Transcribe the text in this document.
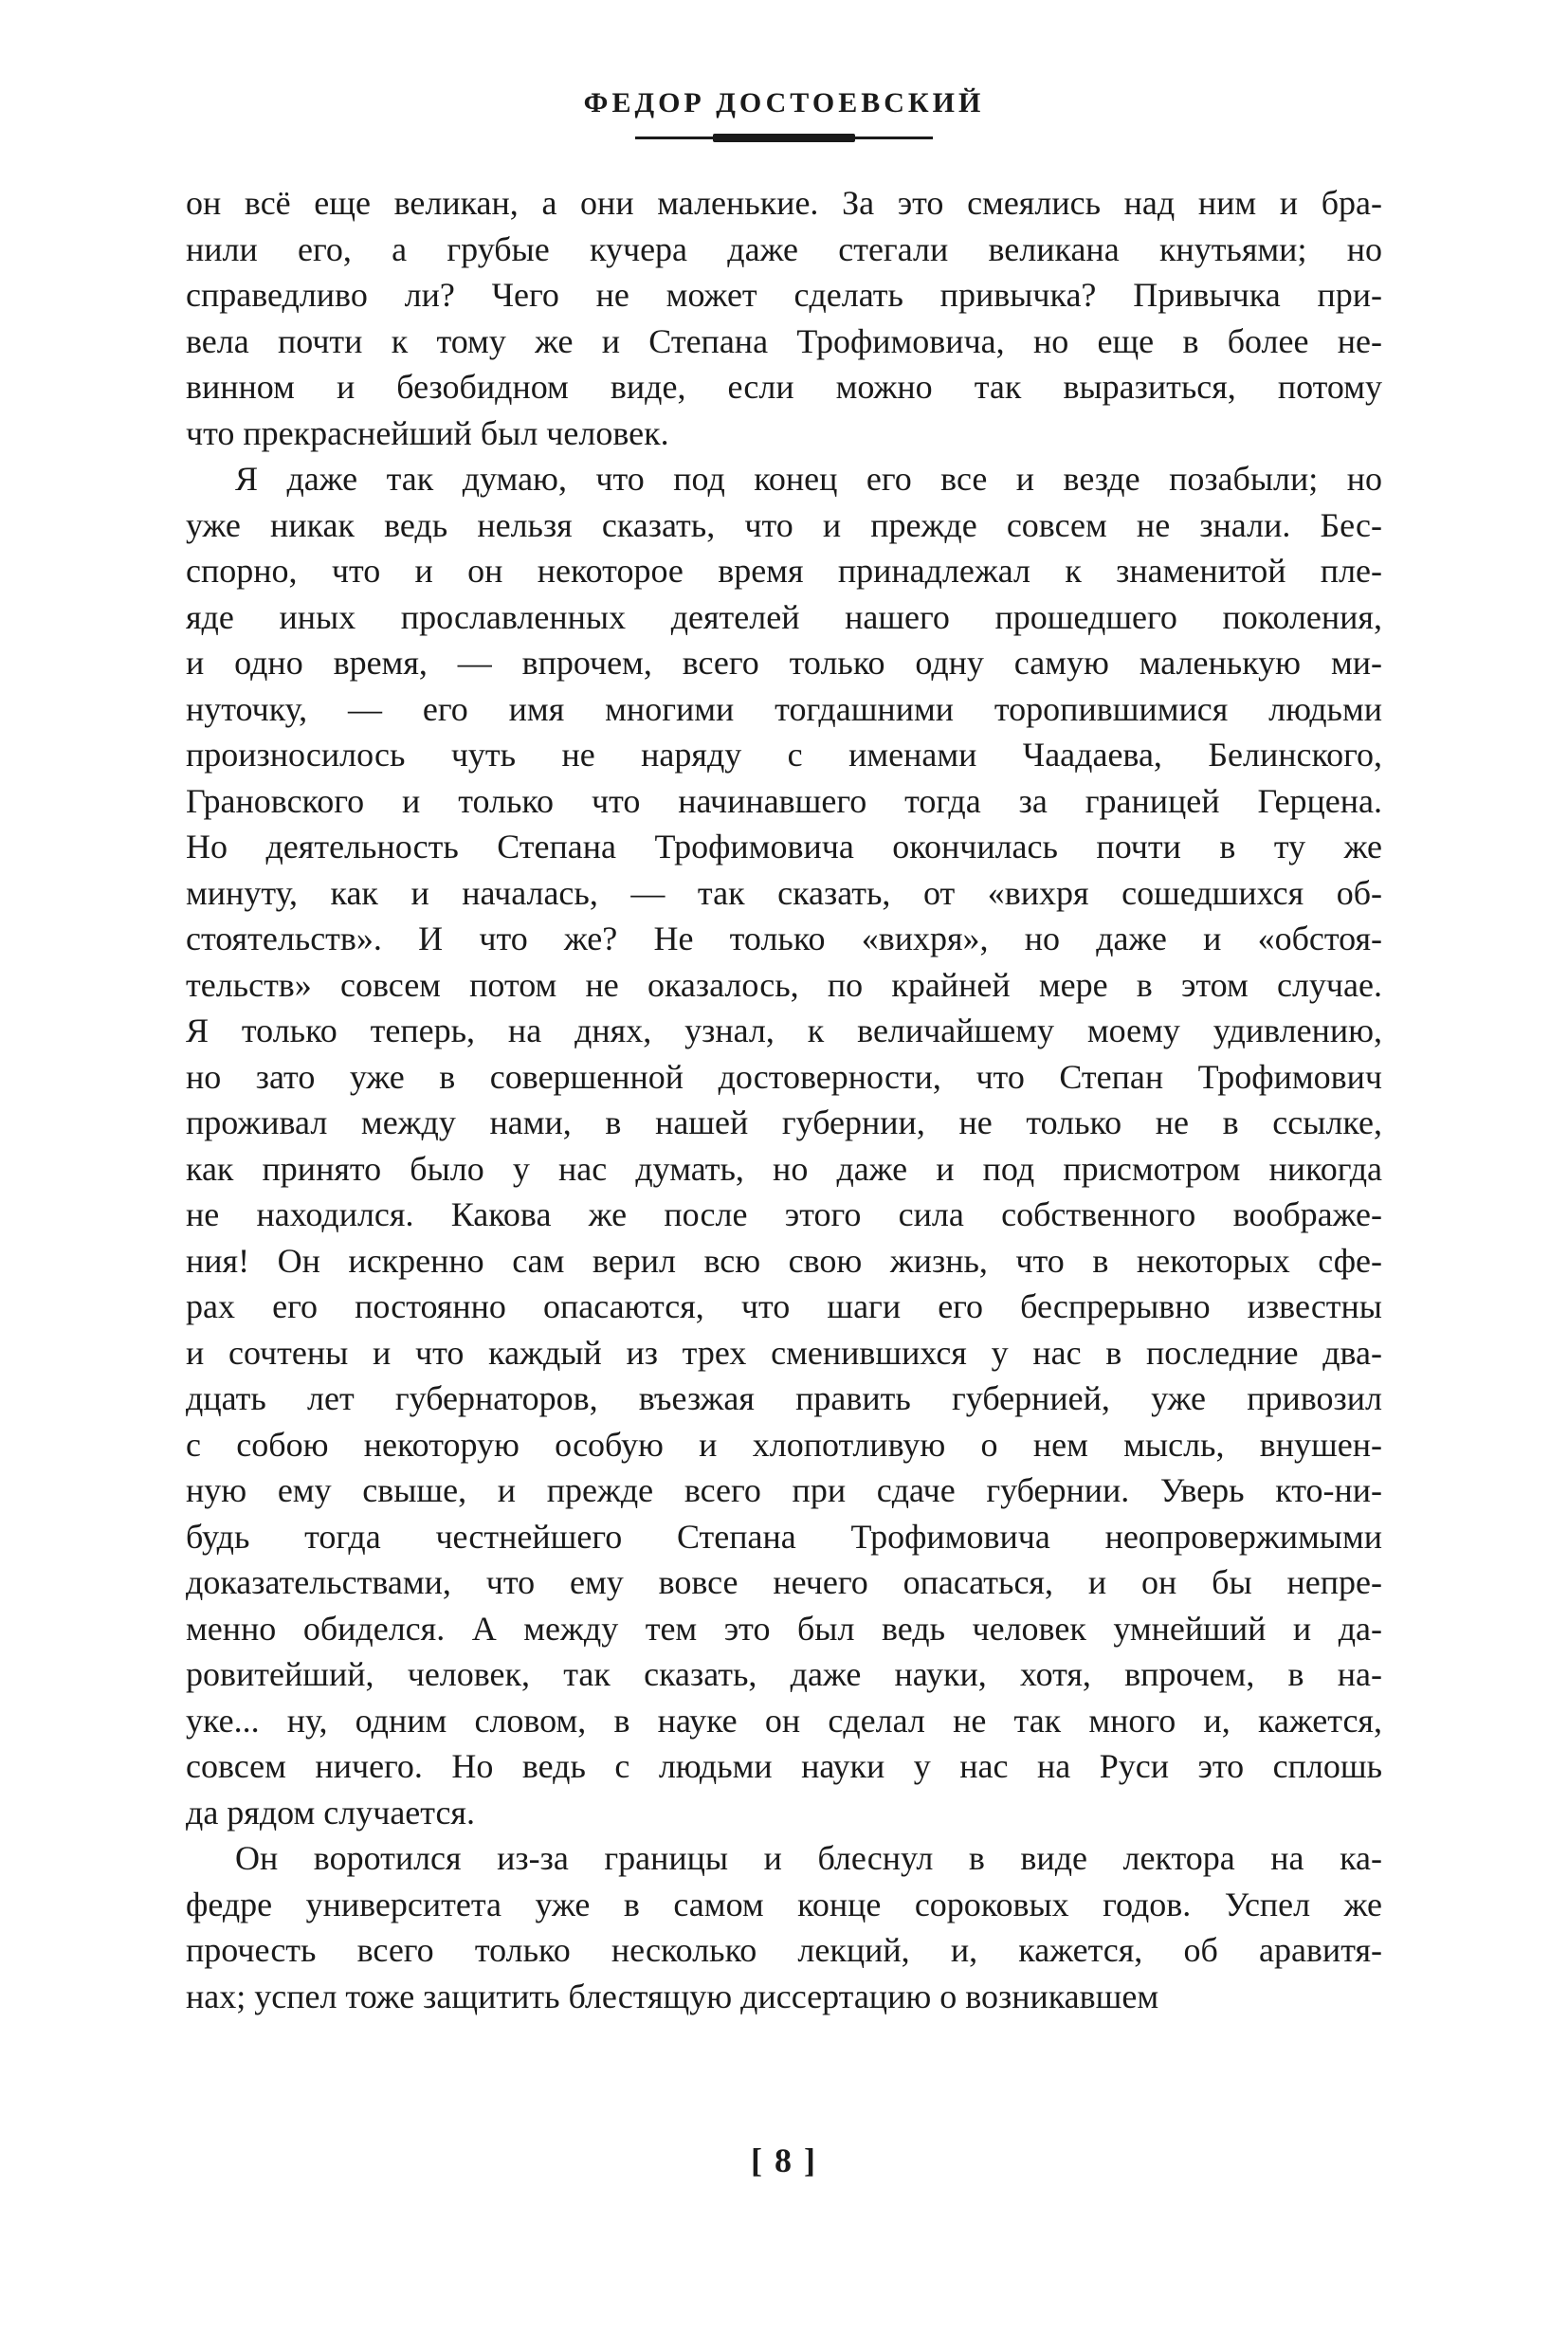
ФЕДОР ДОСТОЕВСКИЙ
он всё еще великан, а они маленькие. За это смеялись над ним и бра-
нили его, а грубые кучера даже стегали великана кнутьями; но
справедливо ли? Чего не может сделать привычка? Привычка при-
вела почти к тому же и Степана Трофимовича, но еще в более не-
винном и безобидном виде, если можно так выразиться, потому
что прекраснейший был человек.
Я даже так думаю, что под конец его все и везде позабыли; но
уже никак ведь нельзя сказать, что и прежде совсем не знали. Бес-
спорно, что и он некоторое время принадлежал к знаменитой пле-
яде иных прославленных деятелей нашего прошедшего поколения,
и одно время, — впрочем, всего только одну самую маленькую ми-
нуточку, — его имя многими тогдашними торопившимися людьми
произносилось чуть не наряду с именами Чаадаева, Белинского,
Грановского и только что начинавшего тогда за границей Герцена.
Но деятельность Степана Трофимовича окончилась почти в ту же
минуту, как и началась, — так сказать, от «вихря сошедшихся об-
стоятельств». И что же? Не только «вихря», но даже и «обстоя-
тельств» совсем потом не оказалось, по крайней мере в этом случае.
Я только теперь, на днях, узнал, к величайшему моему удивлению,
но зато уже в совершенной достоверности, что Степан Трофимович
проживал между нами, в нашей губернии, не только не в ссылке,
как принято было у нас думать, но даже и под присмотром никогда
не находился. Какова же после этого сила собственного воображе-
ния! Он искренно сам верил всю свою жизнь, что в некоторых сфе-
рах его постоянно опасаются, что шаги его беспрерывно известны
и сочтены и что каждый из трех сменившихся у нас в последние два-
дцать лет губернаторов, въезжая править губернией, уже привозил
с собою некоторую особую и хлопотливую о нем мысль, внушен-
ную ему свыше, и прежде всего при сдаче губернии. Уверь кто-ни-
будь тогда честнейшего Степана Трофимовича неопровержимыми
доказательствами, что ему вовсе нечего опасаться, и он бы непре-
менно обиделся. А между тем это был ведь человек умнейший и да-
ровитейший, человек, так сказать, даже науки, хотя, впрочем, в на-
уке... ну, одним словом, в науке он сделал не так много и, кажется,
совсем ничего. Но ведь с людьми науки у нас на Руси это сплошь
да рядом случается.
Он воротился из-за границы и блеснул в виде лектора на ка-
федре университета уже в самом конце сороковых годов. Успел же
прочесть всего только несколько лекций, и, кажется, об аравитя-
нах; успел тоже защитить блестящую диссертацию о возникавшем
[ 8 ]
